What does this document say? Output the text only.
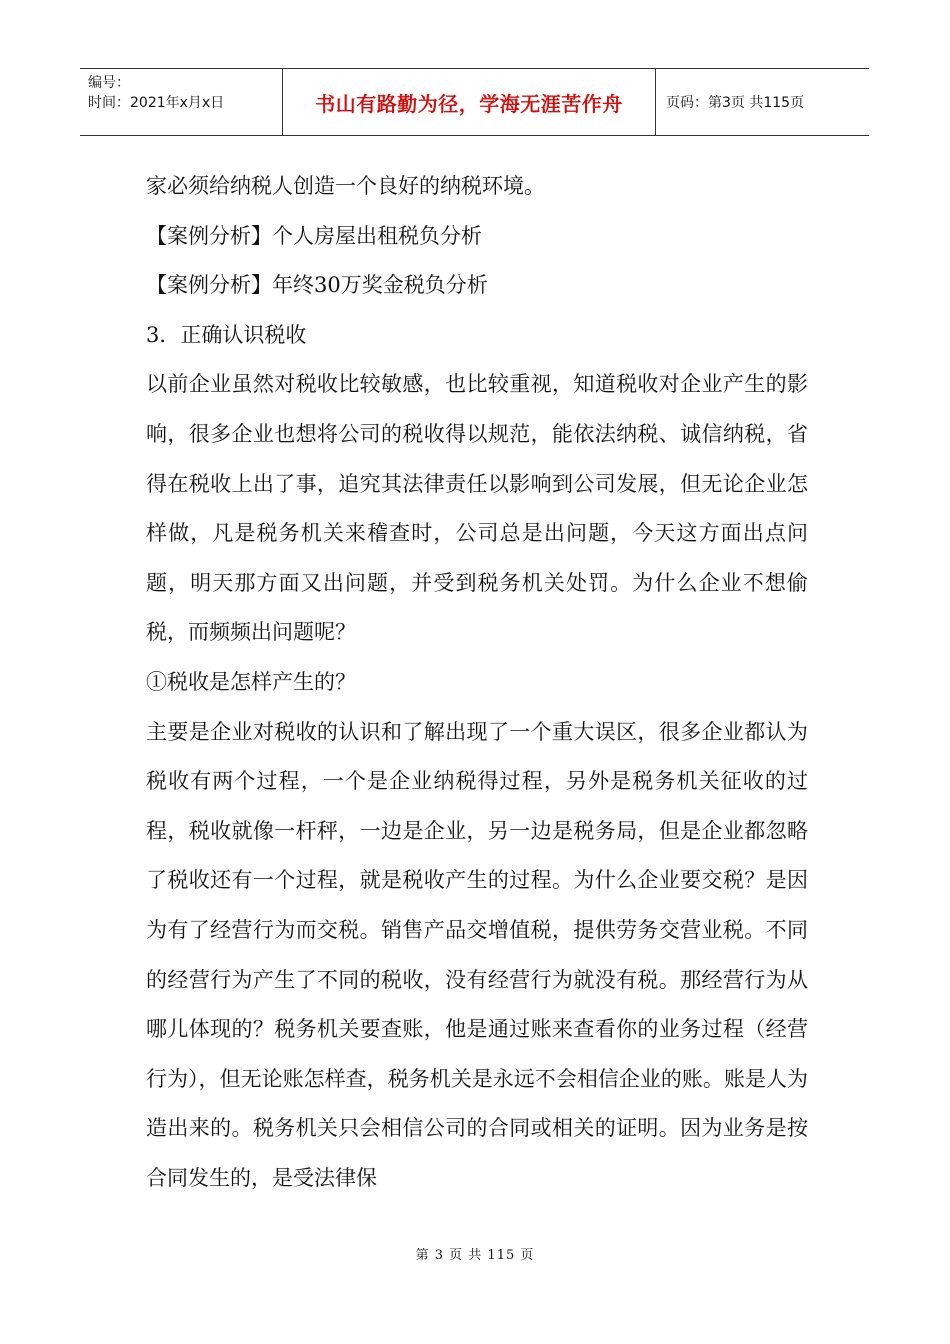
编号：
时间：2021年x月x日	书山有路勤为径，学海无涯苦作舟	页码：第3页 共115页

家必须给纳税人创造一个良好的纳税环境。

【案例分析】个人房屋出租税负分析

【案例分析】年终30万奖金税负分析

3．正确认识税收

以前企业虽然对税收比较敏感，也比较重视，知道税收对企业产生的影响，很多企业也想将公司的税收得以规范，能依法纳税、诚信纳税，省得在税收上出了事，追究其法律责任以影响到公司发展，但无论企业怎样做，凡是税务机关来稽查时，公司总是出问题，今天这方面出点问题，明天那方面又出问题，并受到税务机关处罚。为什么企业不想偷税，而频频出问题呢？

①税收是怎样产生的？

主要是企业对税收的认识和了解出现了一个重大误区，很多企业都认为税收有两个过程，一个是企业纳税得过程，另外是税务机关征收的过程，税收就像一杆秤，一边是企业，另一边是税务局，但是企业都忽略了税收还有一个过程，就是税收产生的过程。为什么企业要交税？是因为有了经营行为而交税。销售产品交增值税，提供劳务交营业税。不同的经营行为产生了不同的税收，没有经营行为就没有税。那经营行为从哪儿体现的？税务机关要查账，他是通过账来查看你的业务过程（经营行为），但无论账怎样查，税务机关是永远不会相信企业的账。账是人为造出来的。税务机关只会相信公司的合同或相关的证明。因为业务是按合同发生的，是受法律保

第 3 页 共 115 页
